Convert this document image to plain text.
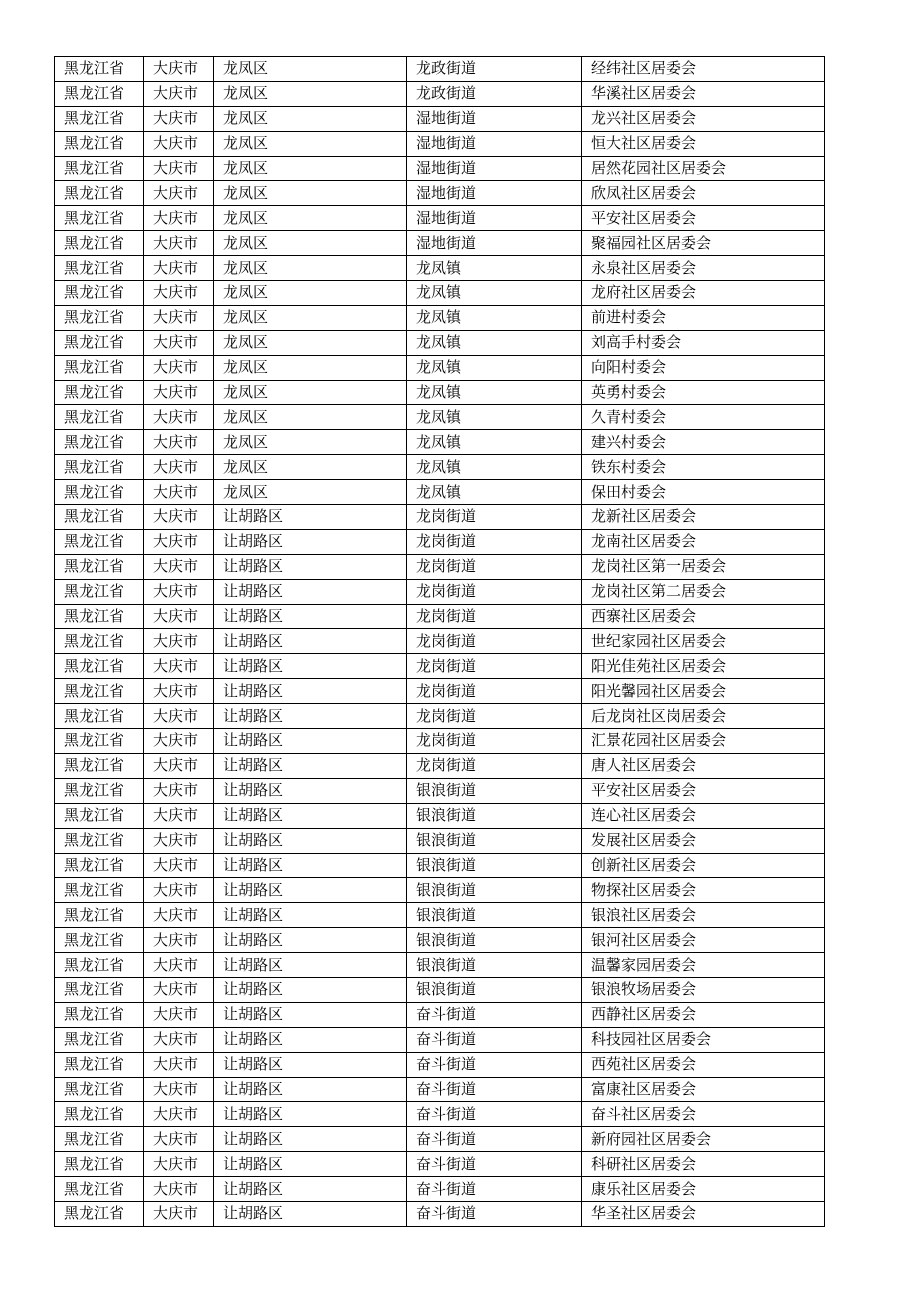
黑龙江省	大庆市	龙凤区	龙政街道	经纬社区居委会
黑龙江省	大庆市	龙凤区	龙政街道	华溪社区居委会
黑龙江省	大庆市	龙凤区	湿地街道	龙兴社区居委会
黑龙江省	大庆市	龙凤区	湿地街道	恒大社区居委会
黑龙江省	大庆市	龙凤区	湿地街道	居然花园社区居委会
黑龙江省	大庆市	龙凤区	湿地街道	欣凤社区居委会
黑龙江省	大庆市	龙凤区	湿地街道	平安社区居委会
黑龙江省	大庆市	龙凤区	湿地街道	聚福园社区居委会
黑龙江省	大庆市	龙凤区	龙凤镇	永泉社区居委会
黑龙江省	大庆市	龙凤区	龙凤镇	龙府社区居委会
黑龙江省	大庆市	龙凤区	龙凤镇	前进村委会
黑龙江省	大庆市	龙凤区	龙凤镇	刘高手村委会
黑龙江省	大庆市	龙凤区	龙凤镇	向阳村委会
黑龙江省	大庆市	龙凤区	龙凤镇	英勇村委会
黑龙江省	大庆市	龙凤区	龙凤镇	久青村委会
黑龙江省	大庆市	龙凤区	龙凤镇	建兴村委会
黑龙江省	大庆市	龙凤区	龙凤镇	铁东村委会
黑龙江省	大庆市	龙凤区	龙凤镇	保田村委会
黑龙江省	大庆市	让胡路区	龙岗街道	龙新社区居委会
黑龙江省	大庆市	让胡路区	龙岗街道	龙南社区居委会
黑龙江省	大庆市	让胡路区	龙岗街道	龙岗社区第一居委会
黑龙江省	大庆市	让胡路区	龙岗街道	龙岗社区第二居委会
黑龙江省	大庆市	让胡路区	龙岗街道	西寨社区居委会
黑龙江省	大庆市	让胡路区	龙岗街道	世纪家园社区居委会
黑龙江省	大庆市	让胡路区	龙岗街道	阳光佳苑社区居委会
黑龙江省	大庆市	让胡路区	龙岗街道	阳光馨园社区居委会
黑龙江省	大庆市	让胡路区	龙岗街道	后龙岗社区岗居委会
黑龙江省	大庆市	让胡路区	龙岗街道	汇景花园社区居委会
黑龙江省	大庆市	让胡路区	龙岗街道	唐人社区居委会
黑龙江省	大庆市	让胡路区	银浪街道	平安社区居委会
黑龙江省	大庆市	让胡路区	银浪街道	连心社区居委会
黑龙江省	大庆市	让胡路区	银浪街道	发展社区居委会
黑龙江省	大庆市	让胡路区	银浪街道	创新社区居委会
黑龙江省	大庆市	让胡路区	银浪街道	物探社区居委会
黑龙江省	大庆市	让胡路区	银浪街道	银浪社区居委会
黑龙江省	大庆市	让胡路区	银浪街道	银河社区居委会
黑龙江省	大庆市	让胡路区	银浪街道	温馨家园居委会
黑龙江省	大庆市	让胡路区	银浪街道	银浪牧场居委会
黑龙江省	大庆市	让胡路区	奋斗街道	西静社区居委会
黑龙江省	大庆市	让胡路区	奋斗街道	科技园社区居委会
黑龙江省	大庆市	让胡路区	奋斗街道	西苑社区居委会
黑龙江省	大庆市	让胡路区	奋斗街道	富康社区居委会
黑龙江省	大庆市	让胡路区	奋斗街道	奋斗社区居委会
黑龙江省	大庆市	让胡路区	奋斗街道	新府园社区居委会
黑龙江省	大庆市	让胡路区	奋斗街道	科研社区居委会
黑龙江省	大庆市	让胡路区	奋斗街道	康乐社区居委会
黑龙江省	大庆市	让胡路区	奋斗街道	华圣社区居委会
